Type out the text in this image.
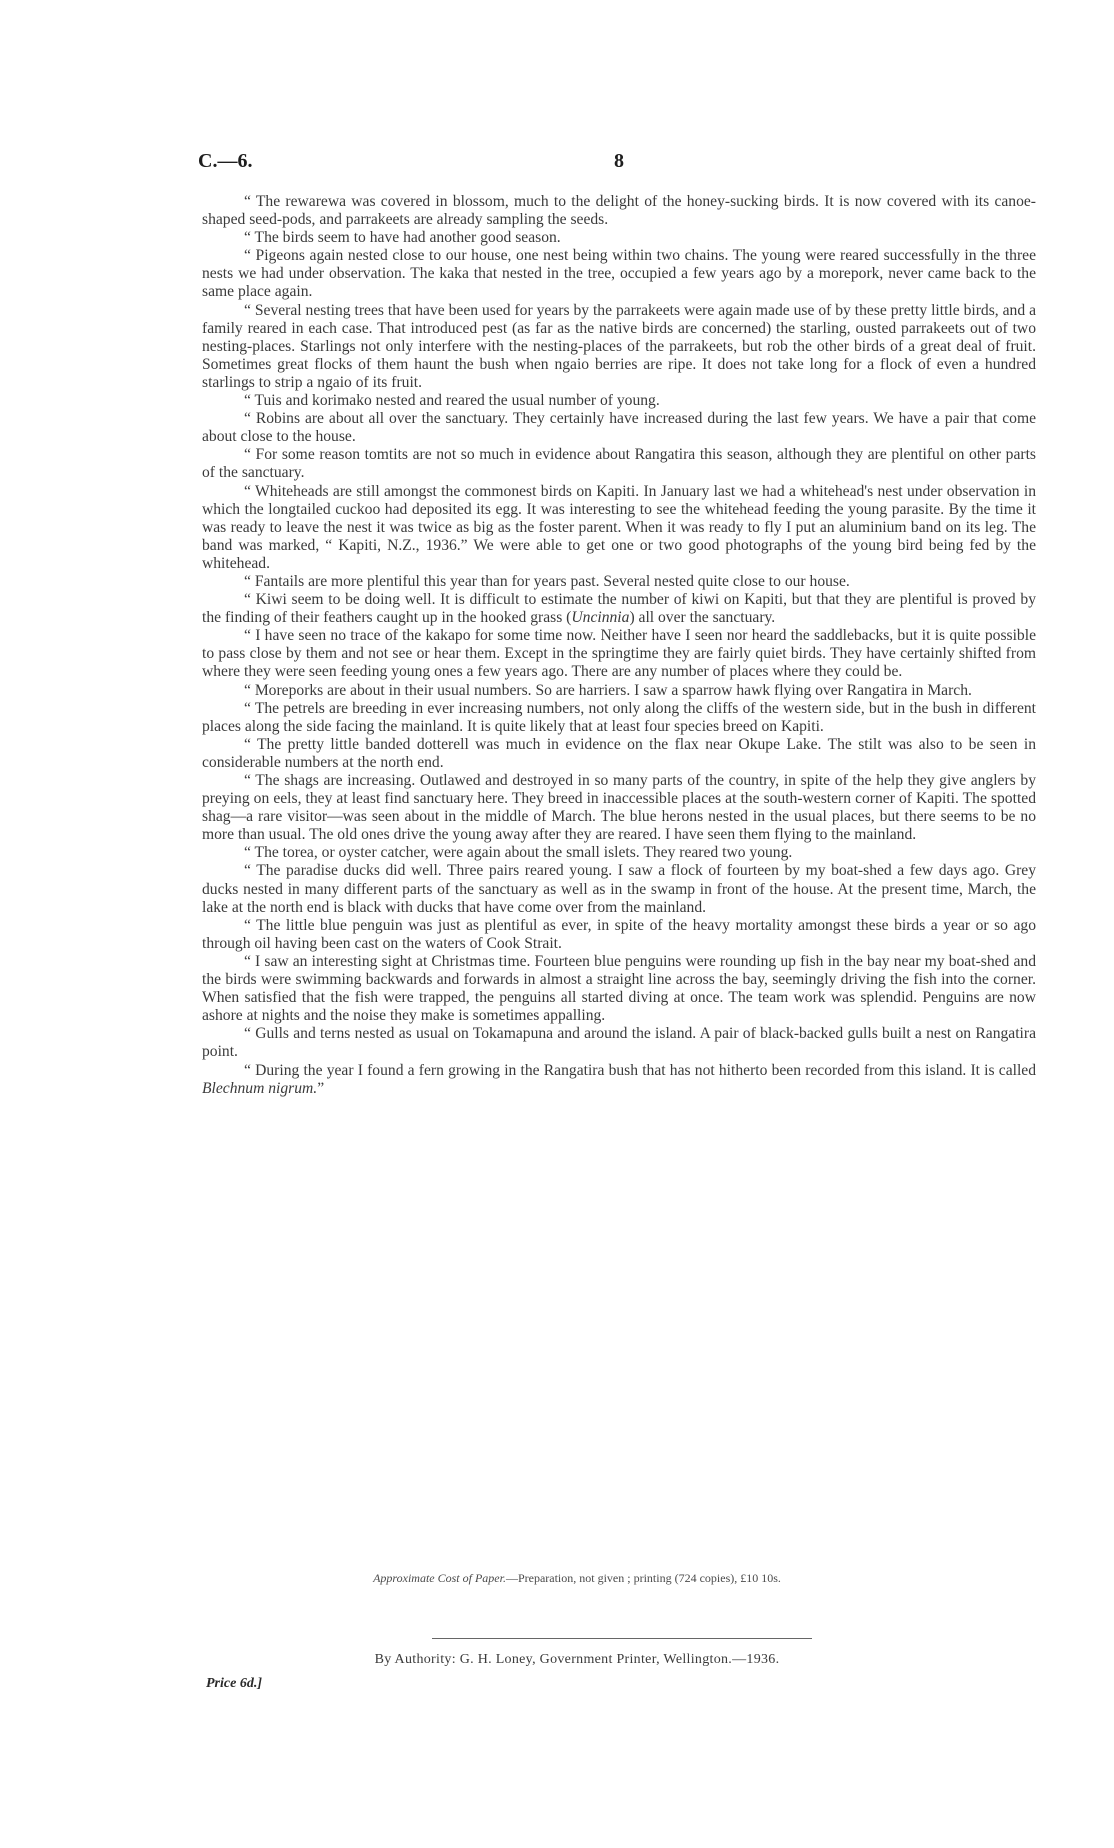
C.—6.	8

“ The rewarewa was covered in blossom, much to the delight of the honey-sucking birds. It is now covered with its canoe-shaped seed-pods, and parrakeets are already sampling the seeds.

“ The birds seem to have had another good season.

“ Pigeons again nested close to our house, one nest being within two chains. The young were reared successfully in the three nests we had under observation. The kaka that nested in the tree, occupied a few years ago by a morepork, never came back to the same place again.

“ Several nesting trees that have been used for years by the parrakeets were again made use of by these pretty little birds, and a family reared in each case. That introduced pest (as far as the native birds are concerned) the starling, ousted parrakeets out of two nesting-places. Starlings not only interfere with the nesting-places of the parrakeets, but rob the other birds of a great deal of fruit. Sometimes great flocks of them haunt the bush when ngaio berries are ripe. It does not take long for a flock of even a hundred starlings to strip a ngaio of its fruit.

“ Tuis and korimako nested and reared the usual number of young.

“ Robins are about all over the sanctuary. They certainly have increased during the last few years. We have a pair that come about close to the house.

“ For some reason tomtits are not so much in evidence about Rangatira this season, although they are plentiful on other parts of the sanctuary.

“ Whiteheads are still amongst the commonest birds on Kapiti. In January last we had a whitehead's nest under observation in which the longtailed cuckoo had deposited its egg. It was interesting to see the whitehead feeding the young parasite. By the time it was ready to leave the nest it was twice as big as the foster parent. When it was ready to fly I put an aluminium band on its leg. The band was marked, “ Kapiti, N.Z., 1936.” We were able to get one or two good photographs of the young bird being fed by the whitehead.

“ Fantails are more plentiful this year than for years past. Several nested quite close to our house.

“ Kiwi seem to be doing well. It is difficult to estimate the number of kiwi on Kapiti, but that they are plentiful is proved by the finding of their feathers caught up in the hooked grass (Uncinnia) all over the sanctuary.

“ I have seen no trace of the kakapo for some time now. Neither have I seen nor heard the saddlebacks, but it is quite possible to pass close by them and not see or hear them. Except in the springtime they are fairly quiet birds. They have certainly shifted from where they were seen feeding young ones a few years ago. There are any number of places where they could be.

“ Moreporks are about in their usual numbers. So are harriers. I saw a sparrow hawk flying over Rangatira in March.

“ The petrels are breeding in ever increasing numbers, not only along the cliffs of the western side, but in the bush in different places along the side facing the mainland. It is quite likely that at least four species breed on Kapiti.

“ The pretty little banded dotterell was much in evidence on the flax near Okupe Lake. The stilt was also to be seen in considerable numbers at the north end.

“ The shags are increasing. Outlawed and destroyed in so many parts of the country, in spite of the help they give anglers by preying on eels, they at least find sanctuary here. They breed in inaccessible places at the south-western corner of Kapiti. The spotted shag—a rare visitor—was seen about in the middle of March. The blue herons nested in the usual places, but there seems to be no more than usual. The old ones drive the young away after they are reared. I have seen them flying to the mainland.

“ The torea, or oyster catcher, were again about the small islets. They reared two young.

“ The paradise ducks did well. Three pairs reared young. I saw a flock of fourteen by my boat-shed a few days ago. Grey ducks nested in many different parts of the sanctuary as well as in the swamp in front of the house. At the present time, March, the lake at the north end is black with ducks that have come over from the mainland.

“ The little blue penguin was just as plentiful as ever, in spite of the heavy mortality amongst these birds a year or so ago through oil having been cast on the waters of Cook Strait.

“ I saw an interesting sight at Christmas time. Fourteen blue penguins were rounding up fish in the bay near my boat-shed and the birds were swimming backwards and forwards in almost a straight line across the bay, seemingly driving the fish into the corner. When satisfied that the fish were trapped, the penguins all started diving at once. The team work was splendid. Penguins are now ashore at nights and the noise they make is sometimes appalling.

“ Gulls and terns nested as usual on Tokamapuna and around the island. A pair of black-backed gulls built a nest on Rangatira point.

“ During the year I found a fern growing in the Rangatira bush that has not hitherto been recorded from this island. It is called Blechnum nigrum.”

Approximate Cost of Paper.—Preparation, not given ; printing (724 copies), £10 10s.
By Authority: G. H. Loney, Government Printer, Wellington.—1936.
Price 6d.]
